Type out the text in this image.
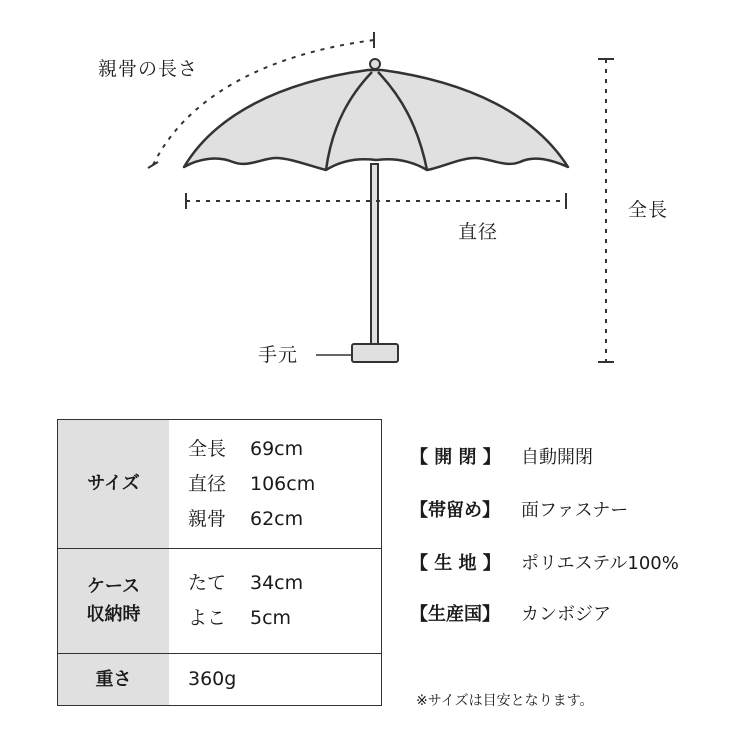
親骨の長さ
全長
直径
手元
サイズ
全長	69cm
直径	106cm
親骨	62cm
ケース
収納時
たて	34cm
よこ	5cm
重さ	360g
【 開 閉 】	自動開閉
【帯留め】	面ファスナー
【 生 地 】	ポリエステル100%
【生産国】	カンボジア
※サイズは目安となります。
